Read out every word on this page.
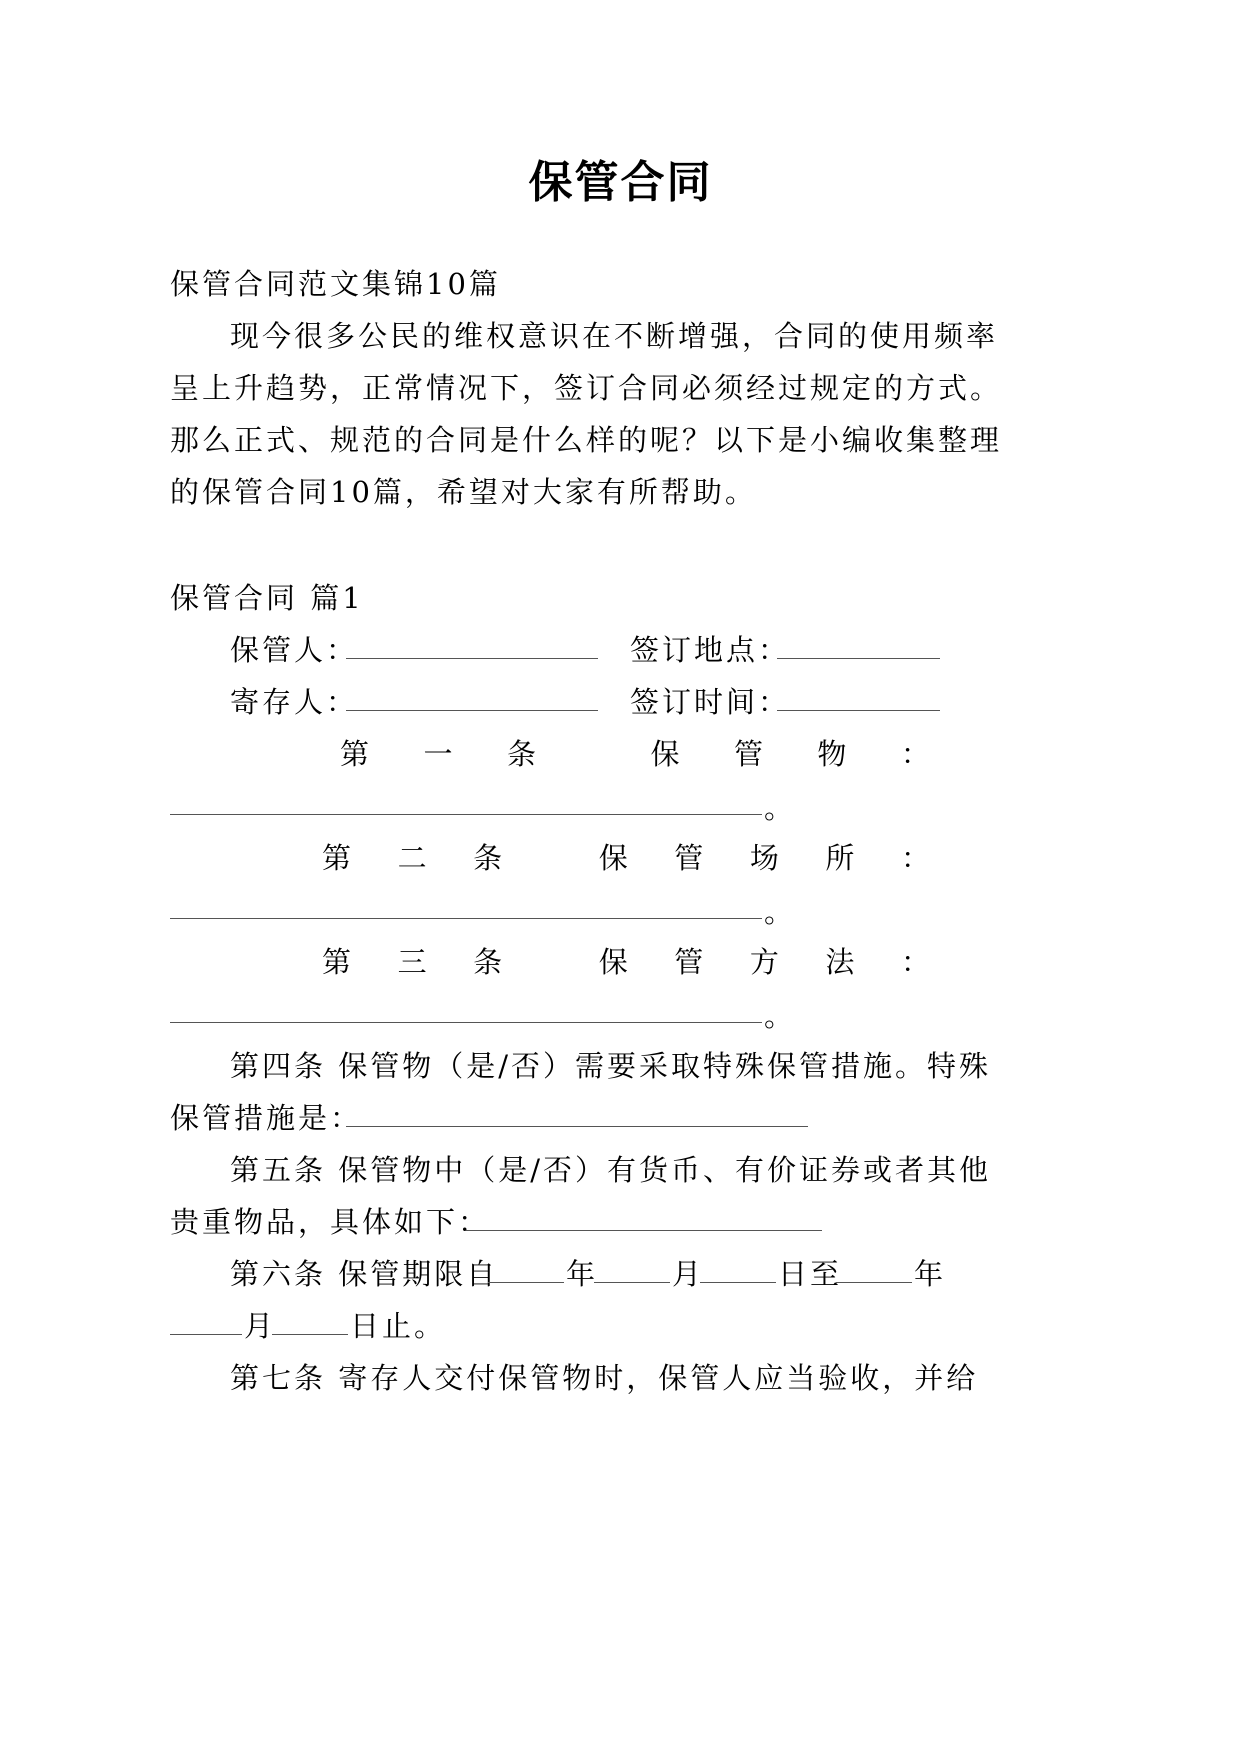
保管合同
保管合同范文集锦10篇
现今很多公民的维权意识在不断增强，合同的使用频率
呈上升趋势，正常情况下，签订合同必须经过规定的方式。
那么正式、规范的合同是什么样的呢？以下是小编收集整理
的保管合同10篇，希望对大家有所帮助。
保管合同 篇1
保管人：	签订地点：
寄存人：	签订时间：
第 一 条	保 管 物 ：
。
第 二 条	保 管 场 所 ：
。
第 三 条	保 管 方 法 ：
。
第四条 保管物（是/否）需要采取特殊保管措施。特殊
保管措施是：
第五条 保管物中（是/否）有货币、有价证券或者其他
贵重物品，具体如下：
第六条 保管期限自 年	月	日至 年
月	日止。
第七条 寄存人交付保管物时，保管人应当验收，并给
